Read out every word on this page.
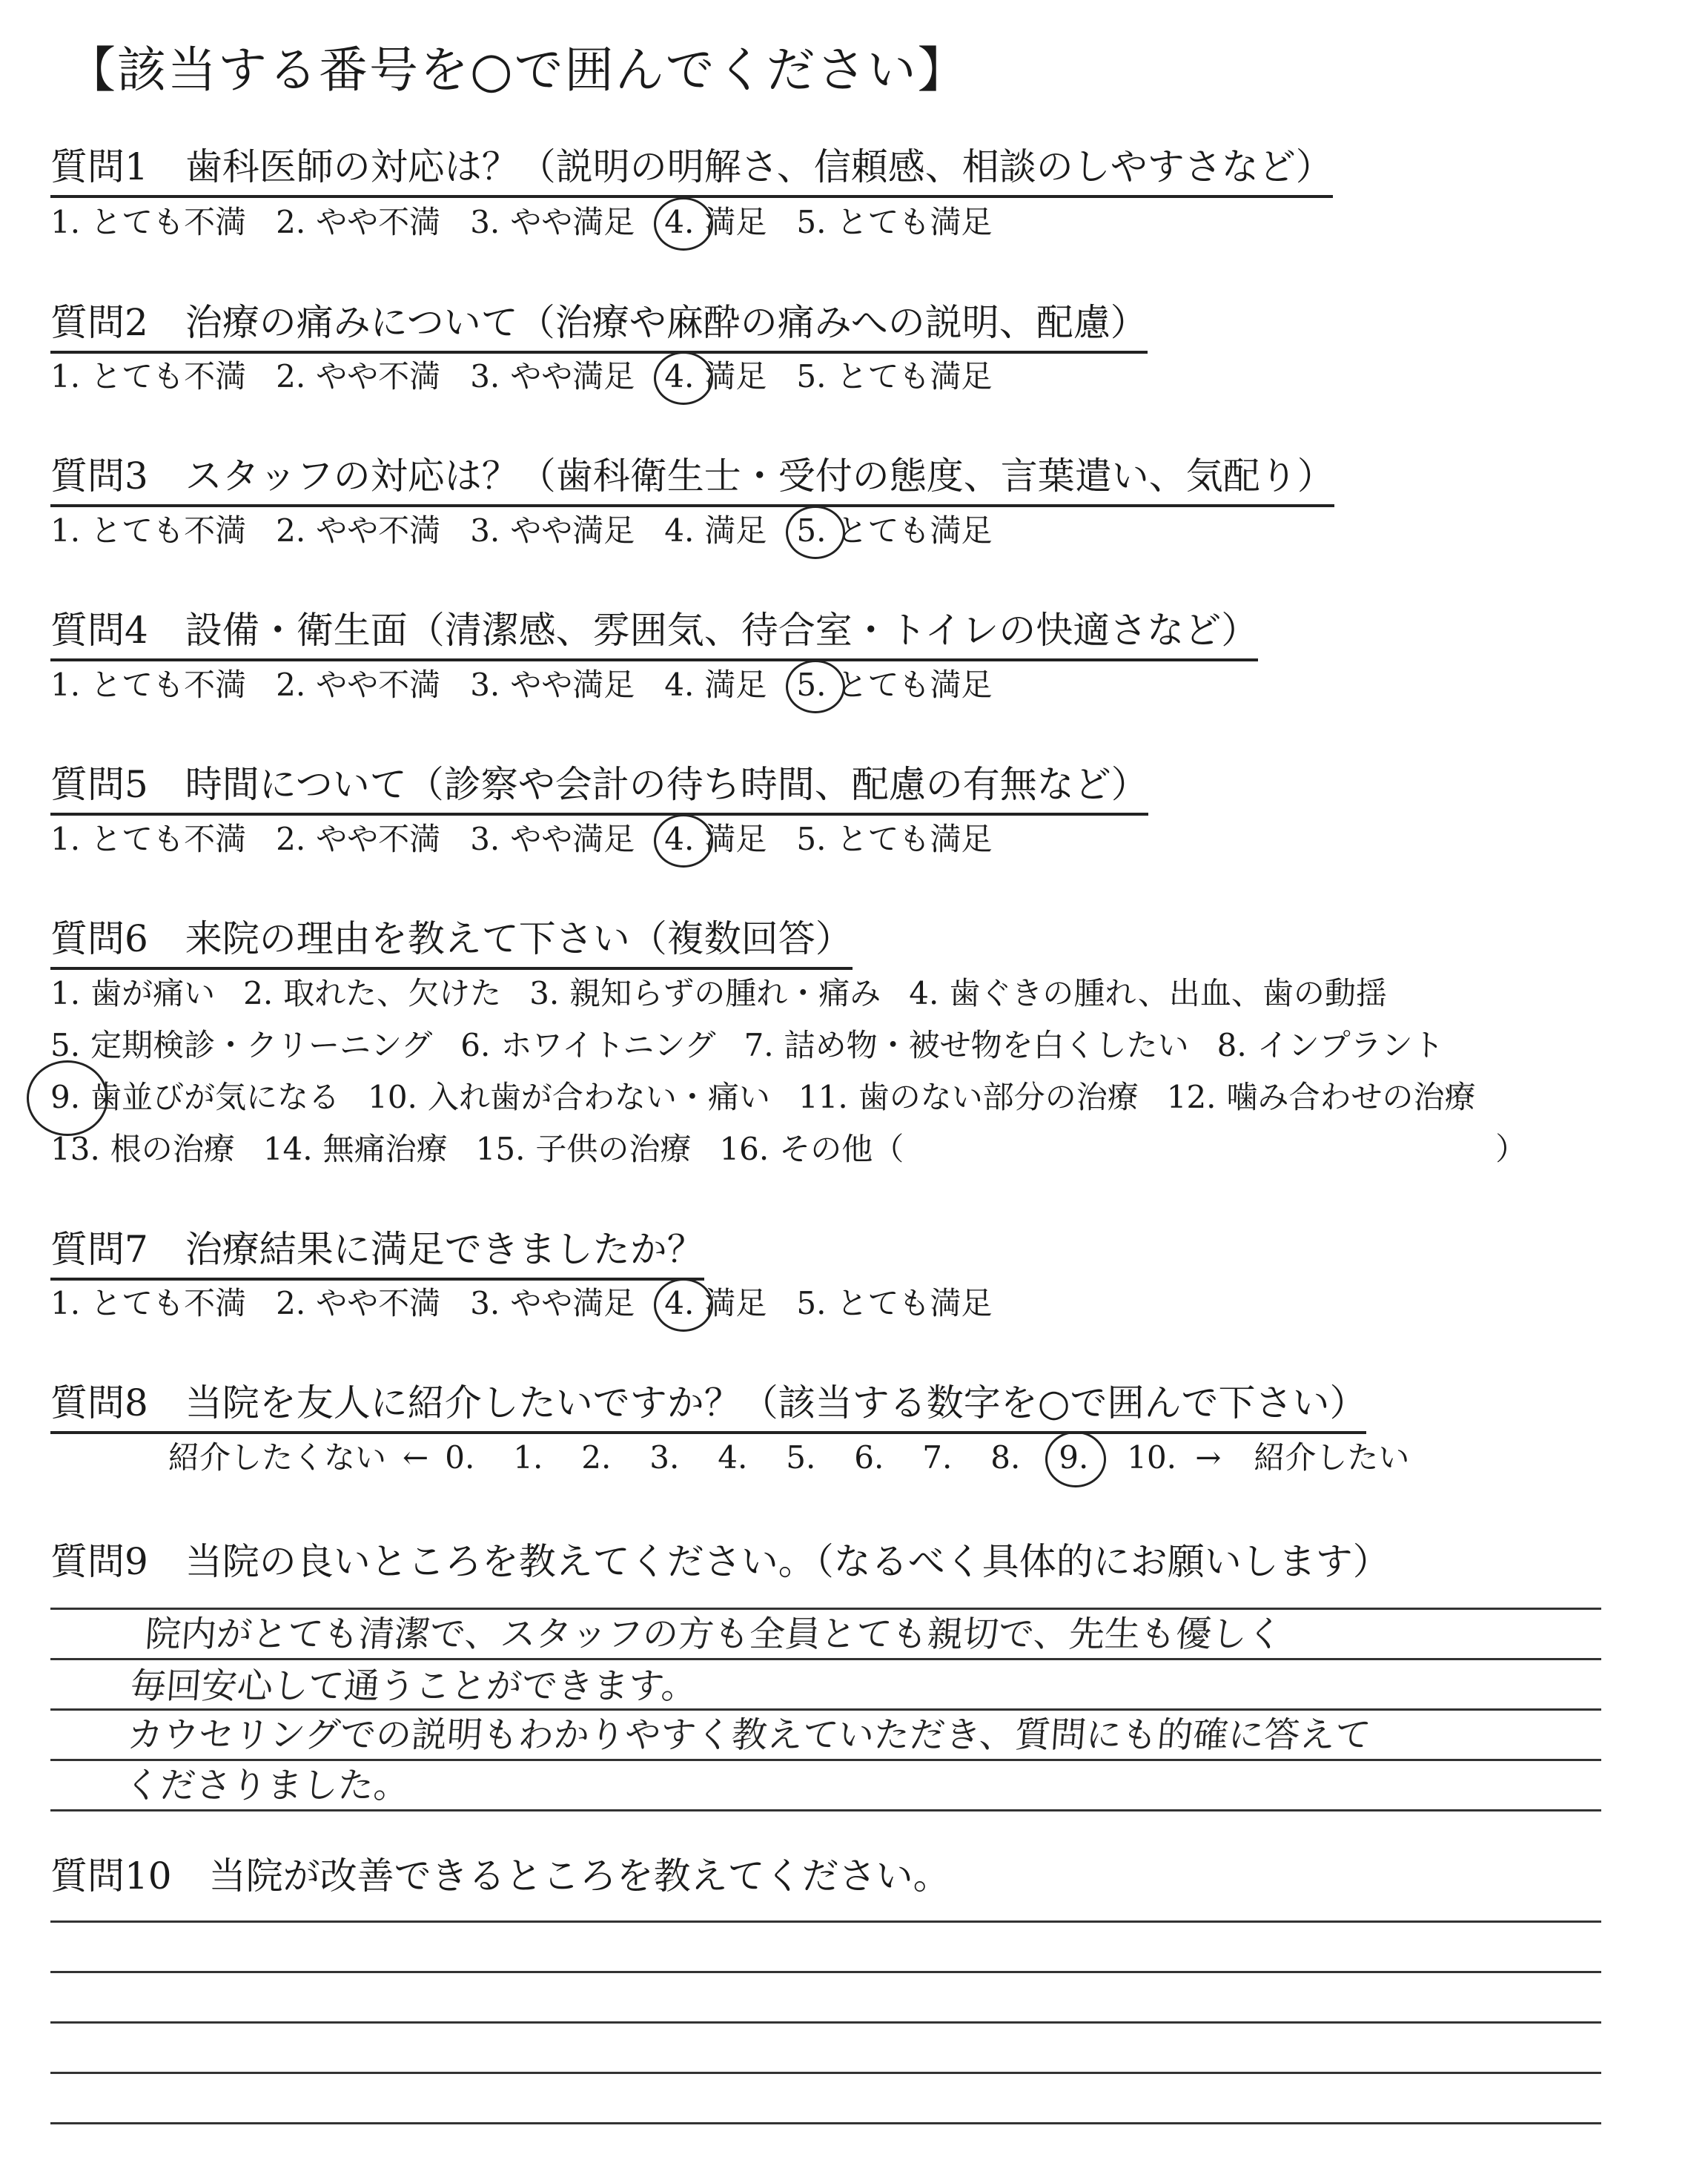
【該当する番号を○で囲んでください】
質問1　歯科医師の対応は？（説明の明解さ、信頼感、相談のしやすさなど）
1. とても不満 2. やや不満 3. やや満足 4. 満足 5. とても満足
質問2　治療の痛みについて（治療や麻酔の痛みへの説明、配慮）
1. とても不満 2. やや不満 3. やや満足 4. 満足 5. とても満足
質問3　スタッフの対応は？（歯科衛生士・受付の態度、言葉遣い、気配り）
1. とても不満 2. やや不満 3. やや満足 4. 満足 5. とても満足
質問4　設備・衛生面（清潔感、雰囲気、待合室・トイレの快適さなど）
1. とても不満 2. やや不満 3. やや満足 4. 満足 5. とても満足
質問5　時間について（診察や会計の待ち時間、配慮の有無など）
1. とても不満 2. やや不満 3. やや満足 4. 満足 5. とても満足
質問6　来院の理由を教えて下さい（複数回答）
1. 歯が痛い 2. 取れた、欠けた 3. 親知らずの腫れ・痛み 4. 歯ぐきの腫れ、出血、歯の動揺
5. 定期検診・クリーニング 6. ホワイトニング 7. 詰め物・被せ物を白くしたい 8. インプラント
9. 歯並びが気になる 10. 入れ歯が合わない・痛い 11. 歯のない部分の治療 12. 噛み合わせの治療
13. 根の治療 14. 無痛治療 15. 子供の治療 16. その他（	）
質問7　治療結果に満足できましたか？
1. とても不満 2. やや不満 3. やや満足 4. 満足 5. とても満足
質問8　当院を友人に紹介したいですか？（該当する数字を○で囲んで下さい）
紹介したくない ← 0.	1.	2.	3.	4.	5.	6.	7.	8.	9.	10. → 紹介したい
質問9　当院の良いところを教えてください。（なるべく具体的にお願いします）
院内がとても清潔で、スタッフの方も全員とても親切で、先生も優しく
毎回安心して通うことができます。
カウセリングでの説明もわかりやすく教えていただき、質問にも的確に答えて
くださりました。
質問10　当院が改善できるところを教えてください。
